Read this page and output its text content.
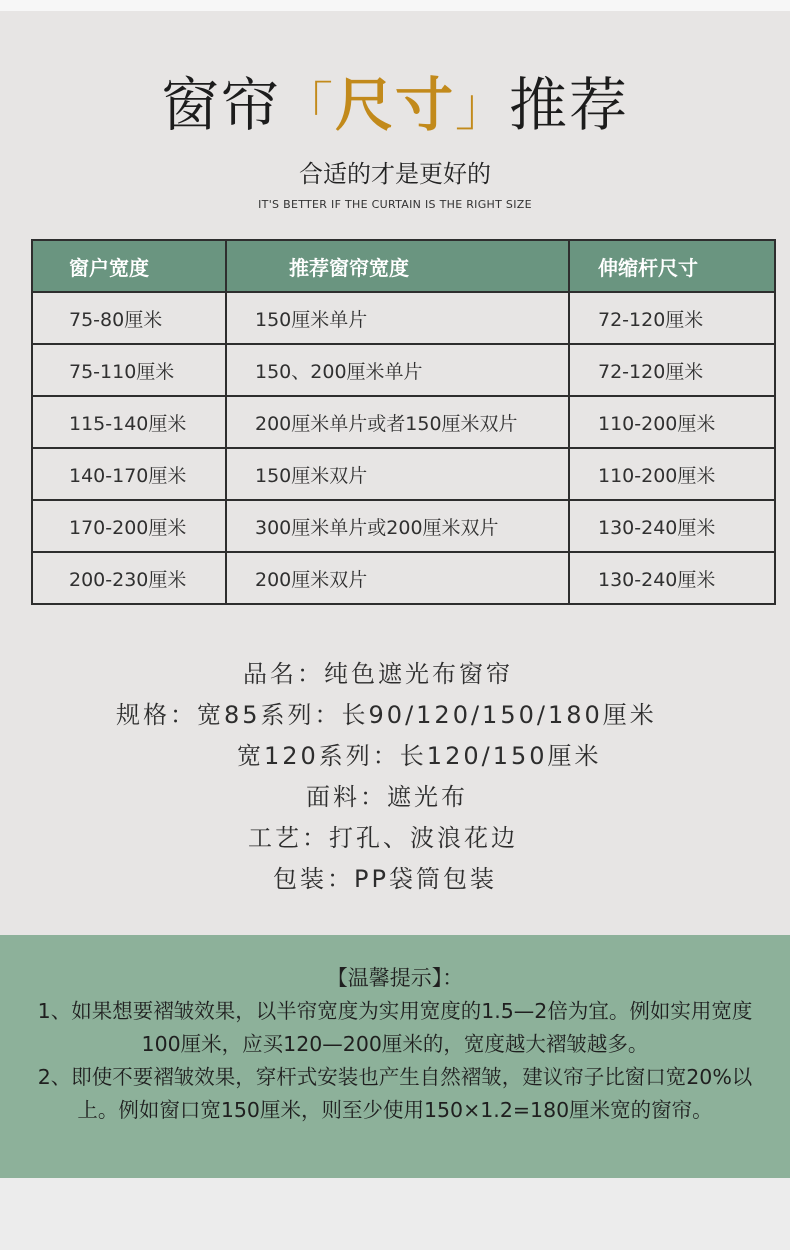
窗帘「尺寸」推荐
合适的才是更好的
IT'S BETTER IF THE CURTAIN IS THE RIGHT SIZE
窗户宽度	推荐窗帘宽度	伸缩杆尺寸
75-80厘米	150厘米单片	72-120厘米
75-110厘米	150、200厘米单片	72-120厘米
115-140厘米	200厘米单片或者150厘米双片	110-200厘米
140-170厘米	150厘米双片	110-200厘米
170-200厘米	300厘米单片或200厘米双片	130-240厘米
200-230厘米	200厘米双片	130-240厘米
品名：纯色遮光布窗帘
规格：宽85系列：长90/120/150/180厘米
宽120系列：长120/150厘米
面料：遮光布
工艺：打孔、波浪花边
包装：PP袋筒包装
【温馨提示】：
1、如果想要褶皱效果，以半帘宽度为实用宽度的1.5—2倍为宜。例如实用宽度100厘米，应买120—200厘米的，宽度越大褶皱越多。
2、即使不要褶皱效果，穿杆式安装也产生自然褶皱，建议帘子比窗口宽20%以上。例如窗口宽150厘米，则至少使用150×1.2=180厘米宽的窗帘。
